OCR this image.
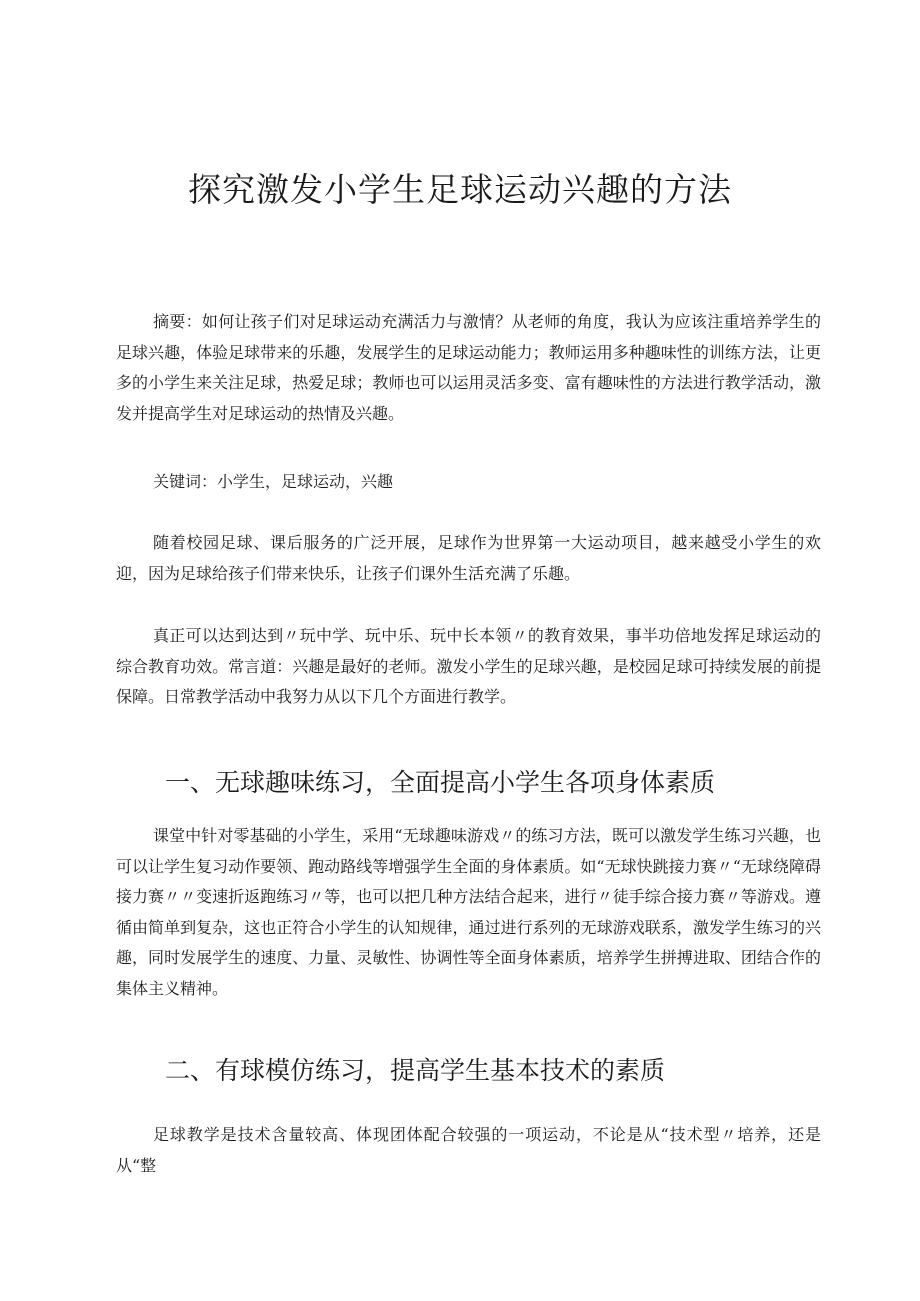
探究激发小学生足球运动兴趣的方法

摘要：如何让孩子们对足球运动充满活力与激情？从老师的角度，我认为应该注重培养学生的足球兴趣，体验足球带来的乐趣，发展学生的足球运动能力；教师运用多种趣味性的训练方法，让更多的小学生来关注足球，热爱足球；教师也可以运用灵活多变、富有趣味性的方法进行教学活动，激发并提高学生对足球运动的热情及兴趣。

关键词：小学生，足球运动，兴趣

随着校园足球、课后服务的广泛开展，足球作为世界第一大运动项目，越来越受小学生的欢迎，因为足球给孩子们带来快乐，让孩子们课外生活充满了乐趣。

真正可以达到达到〃玩中学、玩中乐、玩中长本领〃的教育效果，事半功倍地发挥足球运动的综合教育功效。常言道：兴趣是最好的老师。激发小学生的足球兴趣，是校园足球可持续发展的前提保障。日常教学活动中我努力从以下几个方面进行教学。

一、无球趣味练习，全面提高小学生各项身体素质

课堂中针对零基础的小学生，采用“无球趣味游戏〃的练习方法，既可以激发学生练习兴趣，也可以让学生复习动作要领、跑动路线等增强学生全面的身体素质。如“无球快跳接力赛〃“无球绕障碍接力赛〃〃变速折返跑练习〃等，也可以把几种方法结合起来，进行〃徒手综合接力赛〃等游戏。遵循由简单到复杂，这也正符合小学生的认知规律，通过进行系列的无球游戏联系，激发学生练习的兴趣，同时发展学生的速度、力量、灵敏性、协调性等全面身体素质，培养学生拼搏进取、团结合作的集体主义精神。

二、有球模仿练习，提高学生基本技术的素质

足球教学是技术含量较高、体现团体配合较强的一项运动，不论是从“技术型〃培养，还是从“整
